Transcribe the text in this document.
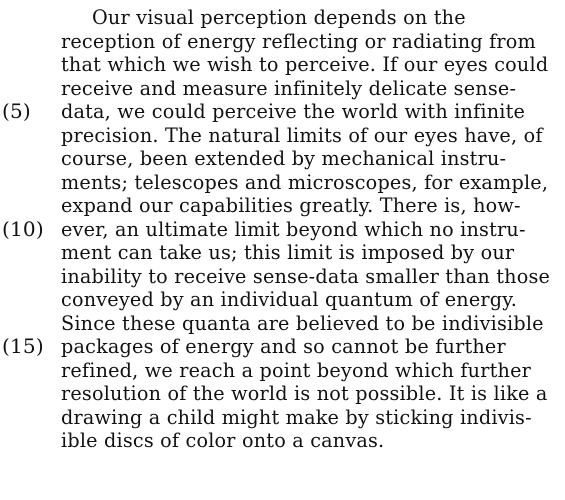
Our visual perception depends on the
reception of energy reflecting or radiating from
that which we wish to perceive. If our eyes could
receive and measure infinitely delicate sense-
(5) data, we could perceive the world with infinite
precision. The natural limits of our eyes have, of
course, been extended by mechanical instru-
ments; telescopes and microscopes, for example,
expand our capabilities greatly. There is, how-
(10) ever, an ultimate limit beyond which no instru-
ment can take us; this limit is imposed by our
inability to receive sense-data smaller than those
conveyed by an individual quantum of energy.
Since these quanta are believed to be indivisible
(15) packages of energy and so cannot be further
refined, we reach a point beyond which further
resolution of the world is not possible. It is like a
drawing a child might make by sticking indivis-
ible discs of color onto a canvas.
